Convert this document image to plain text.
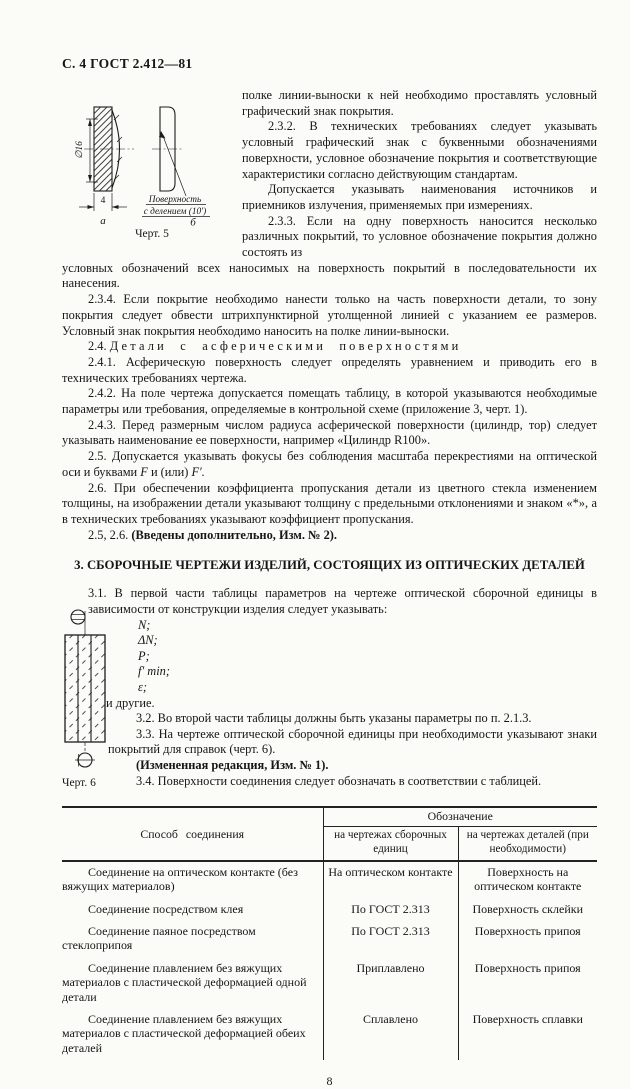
С. 4 ГОСТ 2.412—81
∅16
4
а
Поверхность
с делением (10′)
б
Черт. 5

полке линии-выноски к ней необходимо проставлять условный графический знак покрытия.

2.3.2. В технических требованиях следует указывать условный графический знак с буквенными обозначениями поверхности, условное обозначение покрытия и соответствующие характеристики согласно действующим стандартам.

Допускается указывать наименования источников и приемников излучения, применяемых при измерениях.

2.3.3. Если на одну поверхность наносится несколько различных покрытий, то условное обозначение покрытия должно состоять из

условных обозначений всех наносимых на поверхность покрытий в последовательности их нанесения.

2.3.4. Если покрытие необходимо нанести только на часть поверхности детали, то зону покрытия следует обвести штрихпунктирной утолщенной линией с указанием ее размеров. Условный знак покрытия необходимо наносить на полке линии-выноски.

2.4. Детали с асферическими поверхностями

2.4.1. Асферическую поверхность следует определять уравнением и приводить его в технических требованиях чертежа.

2.4.2. На поле чертежа допускается помещать таблицу, в которой указываются необходимые параметры или требования, определяемые в контрольной схеме (приложение 3, черт. 1).

2.4.3. Перед размерным числом радиуса асферической поверхности (цилиндр, тор) следует указывать наименование ее поверхности, например «Цилиндр R100».

2.5. Допускается указывать фокусы без соблюдения масштаба перекрестиями на оптической оси и буквами F и (или) F′.

2.6. При обеспечении коэффициента пропускания детали из цветного стекла изменением толщины, на изображении детали указывают толщину с предельными отклонениями и знаком «*», а в технических требованиях указывают коэффициент пропускания.

2.5, 2.6. (Введены дополнительно, Изм. № 2).

3. СБОРОЧНЫЕ ЧЕРТЕЖИ ИЗДЕЛИЙ, СОСТОЯЩИХ ИЗ ОПТИЧЕСКИХ ДЕТАЛЕЙ
Черт. 6

3.1. В первой части таблицы параметров на чертеже оптической сборочной единицы в зависимости от конструкции изделия следует указывать:

N;
ΔN;
P;
f′ min;
ε;

и другие.

3.2. Во второй части таблицы должны быть указаны параметры по п. 2.1.3.

3.3. На чертеже оптической сборочной единицы при необходимости указывают знаки покрытий для справок (черт. 6).

(Измененная редакция, Изм. № 1).

3.4. Поверхности соединения следует обозначать в соответствии с таблицей.

Способ соединения	Обозначение	
	на чертежах сборочных единиц	на чертежах деталей (при необходимости)
Соединение на оптическом контакте (без вяжущих материалов)	На оптическом контакте	Поверхность на оптическом контакте
Соединение посредством клея	По ГОСТ 2.313	Поверхность склейки
Соединение паяное посредством стеклоприпоя	По ГОСТ 2.313	Поверхность припоя
Соединение плавлением без вяжущих материалов с пластической деформацией одной детали	Приплавлено	Поверхность припоя
Соединение плавлением без вяжущих материалов с пластической деформацией обеих деталей	Сплавлено	Поверхность сплавки
8
